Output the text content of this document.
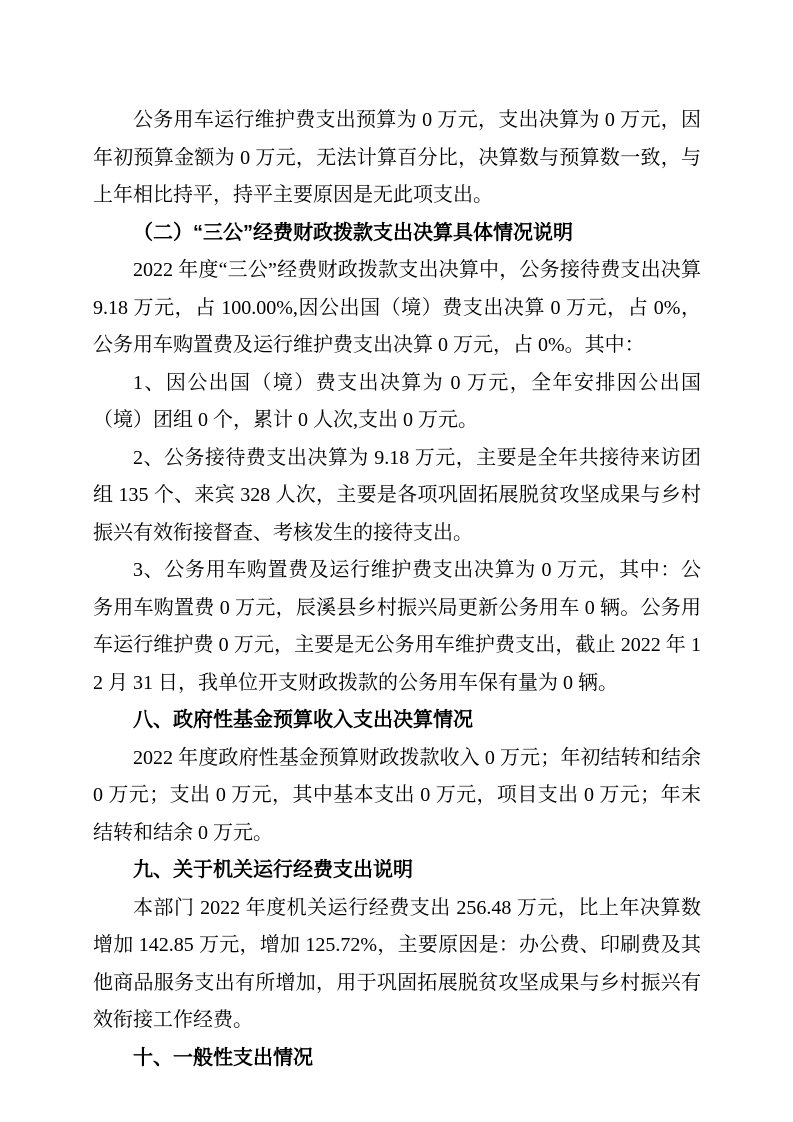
公务用车运行维护费支出预算为 0 万元，支出决算为 0 万元，因年初预算金额为 0 万元，无法计算百分比，决算数与预算数一致，与上年相比持平，持平主要原因是无此项支出。

（二）“三公”经费财政拨款支出决算具体情况说明

2022 年度“三公”经费财政拨款支出决算中，公务接待费支出决算 9.18 万元，占 100.00%,因公出国（境）费支出决算 0 万元，占 0%，公务用车购置费及运行维护费支出决算 0 万元，占 0%。其中：

1、因公出国（境）费支出决算为 0 万元，全年安排因公出国（境）团组 0 个，累计 0 人次,支出 0 万元。

2、公务接待费支出决算为 9.18 万元，主要是全年共接待来访团组 135 个、来宾 328 人次，主要是各项巩固拓展脱贫攻坚成果与乡村振兴有效衔接督查、考核发生的接待支出。

3、公务用车购置费及运行维护费支出决算为 0 万元，其中：公务用车购置费 0 万元，辰溪县乡村振兴局更新公务用车 0 辆。公务用车运行维护费 0 万元，主要是无公务用车维护费支出，截止 2022 年 12 月 31 日，我单位开支财政拨款的公务用车保有量为 0 辆。

八、政府性基金预算收入支出决算情况

2022 年度政府性基金预算财政拨款收入 0 万元；年初结转和结余 0 万元；支出 0 万元，其中基本支出 0 万元，项目支出 0 万元；年末结转和结余 0 万元。

九、关于机关运行经费支出说明

本部门 2022 年度机关运行经费支出 256.48 万元，比上年决算数增加 142.85 万元，增加 125.72%，主要原因是：办公费、印刷费及其他商品服务支出有所增加，用于巩固拓展脱贫攻坚成果与乡村振兴有效衔接工作经费。

十、一般性支出情况
